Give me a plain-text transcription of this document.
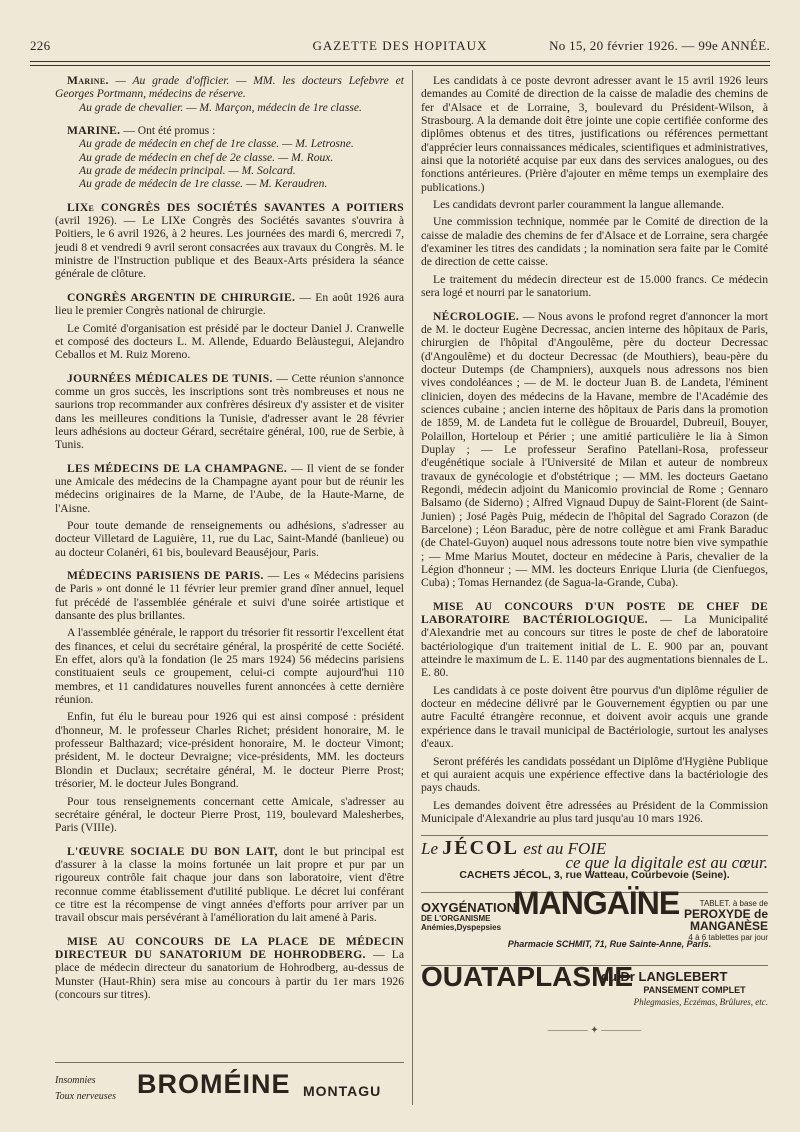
226	GAZETTE DES HOPITAUX	No 15, 20 février 1926. — 99e ANNÉE.

Marine. — Au grade d'officier. — MM. les docteurs Lefebvre et Georges Portmann, médecins de réserve.
Au grade de chevalier. — M. Marçon, médecin de 1re classe.

MARINE. — Ont été promus :
Au grade de médecin en chef de 1re classe. — M. Letrosne.
Au grade de médecin en chef de 2e classe. — M. Roux.
Au grade de médecin principal. — M. Solcard.
Au grade de médecin de 1re classe. — M. Keraudren.

LIXe CONGRÈS DES SOCIÉTÉS SAVANTES A POITIERS (avril 1926). — Le LIXe Congrès des Sociétés savantes s'ouvrira à Poitiers, le 6 avril 1926, à 2 heures. Les journées des mardi 6, mercredi 7, jeudi 8 et vendredi 9 avril seront consacrées aux travaux du Congrès. M. le ministre de l'Instruction publique et des Beaux-Arts présidera la séance générale de clôture.

CONGRÈS ARGENTIN DE CHIRURGIE. — En août 1926 aura lieu le premier Congrès national de chirurgie.

Le Comité d'organisation est présidé par le docteur Daniel J. Cranwelle et composé des docteurs L. M. Allende, Eduardo Belàustegui, Alejandro Ceballos et M. Ruiz Moreno.

JOURNÉES MÉDICALES DE TUNIS. — Cette réunion s'annonce comme un gros succès, les inscriptions sont très nombreuses et nous ne saurions trop recommander aux confrères désireux d'y assister et de visiter dans les meilleures conditions la Tunisie, d'adresser avant le 28 février leurs adhésions au docteur Gérard, secrétaire général, 100, rue de Serbie, à Tunis.

LES MÉDECINS DE LA CHAMPAGNE. — Il vient de se fonder une Amicale des médecins de la Champagne ayant pour but de réunir les médecins originaires de la Marne, de l'Aube, de la Haute-Marne, de l'Aisne.

Pour toute demande de renseignements ou adhésions, s'adresser au docteur Villetard de Laguière, 11, rue du Lac, Saint-Mandé (banlieue) ou au docteur Colanéri, 61 bis, boulevard Beauséjour, Paris.

MÉDECINS PARISIENS DE PARIS. — Les « Médecins parisiens de Paris » ont donné le 11 février leur premier grand dîner annuel, lequel fut précédé de l'assemblée générale et suivi d'une soirée artistique et dansante des plus brillantes.

A l'assemblée générale, le rapport du trésorier fit ressortir l'excellent état des finances, et celui du secrétaire général, la prospérité de cette Société. En effet, alors qu'à la fondation (le 25 mars 1924) 56 médecins parisiens constituaient seuls ce groupement, celui-ci compte aujourd'hui 110 membres, et 11 candidatures nouvelles furent annoncées à cette dernière réunion.

Enfin, fut élu le bureau pour 1926 qui est ainsi composé : président d'honneur, M. le professeur Charles Richet; président honoraire, M. le professeur Balthazard; vice-président honoraire, M. le docteur Vimont; président, M. le docteur Devraigne; vice-présidents, MM. les docteurs Blondin et Duclaux; secrétaire général, M. le docteur Pierre Prost; trésorier, M. le docteur Jules Bongrand.

Pour tous renseignements concernant cette Amicale, s'adresser au secrétaire général, le docteur Pierre Prost, 119, boulevard Malesherbes, Paris (VIIIe).

L'ŒUVRE SOCIALE DU BON LAIT, dont le but principal est d'assurer à la classe la moins fortunée un lait propre et pur par un rigoureux contrôle fait chaque jour dans son laboratoire, vient d'être reconnue comme établissement d'utilité publique. Le décret lui conférant ce titre est la récompense de vingt années d'efforts pour arriver par un travail obscur mais persévérant à l'amélioration du lait amené à Paris.

MISE AU CONCOURS DE LA PLACE DE MÉDECIN DIRECTEUR DU SANATORIUM DE HOHRODBERG. — La place de médecin directeur du sanatorium de Hohrodberg, au-dessus de Munster (Haut-Rhin) sera mise au concours à partir du 1er mars 1926 (concours sur titres).

Insomnies
Toux nerveuses BROMÉINE MONTAGU

Les candidats à ce poste devront adresser avant le 15 avril 1926 leurs demandes au Comité de direction de la caisse de maladie des chemins de fer d'Alsace et de Lorraine, 3, boulevard du Président-Wilson, à Strasbourg. A la demande doit être jointe une copie certifiée conforme des diplômes obtenus et des titres, justifications ou références permettant d'apprécier leurs connaissances médicales, scientifiques et administratives, ainsi que la notoriété acquise par eux dans des services analogues, ou des fonctions antérieures. (Prière d'ajouter en même temps un exemplaire des publications.)

Les candidats devront parler couramment la langue allemande.

Une commission technique, nommée par le Comité de direction de la caisse de maladie des chemins de fer d'Alsace et de Lorraine, sera chargée d'examiner les titres des candidats ; la nomination sera faite par le Comité de direction de cette caisse.

Le traitement du médecin directeur est de 15.000 francs. Ce médecin sera logé et nourri par le sanatorium.

NÉCROLOGIE. — Nous avons le profond regret d'annoncer la mort de M. le docteur Eugène Decressac, ancien interne des hôpitaux de Paris, chirurgien de l'hôpital d'Angoulême, père du docteur Decressac (d'Angoulême) et du docteur Decressac (de Mouthiers), beau-père du docteur Dutemps (de Champniers), auxquels nous adressons nos bien vives condoléances ; — de M. le docteur Juan B. de Landeta, l'éminent clinicien, doyen des médecins de la Havane, membre de l'Académie des sciences cubaine ; ancien interne des hôpitaux de Paris dans la promotion de 1859, M. de Landeta fut le collègue de Brouardel, Dubreuil, Bouyer, Polaillon, Horteloup et Périer ; une amitié particulière le lia à Simon Duplay ; — Le professeur Serafino Patellani-Rosa, professeur d'eugénétique sociale à l'Université de Milan et auteur de nombreux travaux de gynécologie et d'obstétrique ; — MM. les docteurs Gaetano Regondi, médecin adjoint du Manicomio provincial de Rome ; Gennaro Balsamo (de Siderno) ; Alfred Vignaud Dupuy de Saint-Florent (de Saint-Junien) ; José Pagès Puig, médecin de l'hôpital del Sagrado Corazon (de Barcelone) ; Léon Baraduc, père de notre collègue et ami Frank Baraduc (de Chatel-Guyon) auquel nous adressons toute notre bien vive sympathie ; — Mme Marius Moutet, docteur en médecine à Paris, chevalier de la Légion d'honneur ; — MM. les docteurs Enrique Lluria (de Cienfuegos, Cuba) ; Tomas Hernandez (de Sagua-la-Grande, Cuba).

MISE AU CONCOURS D'UN POSTE DE CHEF DE LABORATOIRE BACTÉRIOLOGIQUE. — La Municipalité d'Alexandrie met au concours sur titres le poste de chef de laboratoire bactériologique d'un traitement initial de L. E. 900 par an, pouvant atteindre le maximum de L. E. 1140 par des augmentations biennales de L. E. 80.

Les candidats à ce poste doivent être pourvus d'un diplôme régulier de docteur en médecine délivré par le Gouvernement égyptien ou par une autre Faculté étrangère reconnue, et doivent avoir acquis une grande expérience dans le travail municipal de Bactériologie, surtout les analyses d'eaux.

Seront préférés les candidats possédant un Diplôme d'Hygiène Publique et qui auraient acquis une expérience effective dans la bactériologie des pays chauds.

Les demandes doivent être adressées au Président de la Commission Municipale d'Alexandrie au plus tard jusqu'au 10 mars 1926.

Le JÉCOL est au FOIE
ce que la digitale est au cœur.
CACHETS JÉCOL, 3, rue Watteau, Courbevoie (Seine).
OXYGÉNATION
DE L'ORGANISME
Anémies,Dyspepsies
MANGAÏNE	TABLET. à base de
PEROXYDE de MANGANÈSE
4 à 6 tablettes par jour
Pharmacie SCHMIT, 71, Rue Sainte-Anne, Paris.
OUATAPLASME
du Dr LANGLEBERT
PANSEMENT COMPLET
Phlegmasies, Eczémas, Brûlures, etc.
———— ✦ ————
